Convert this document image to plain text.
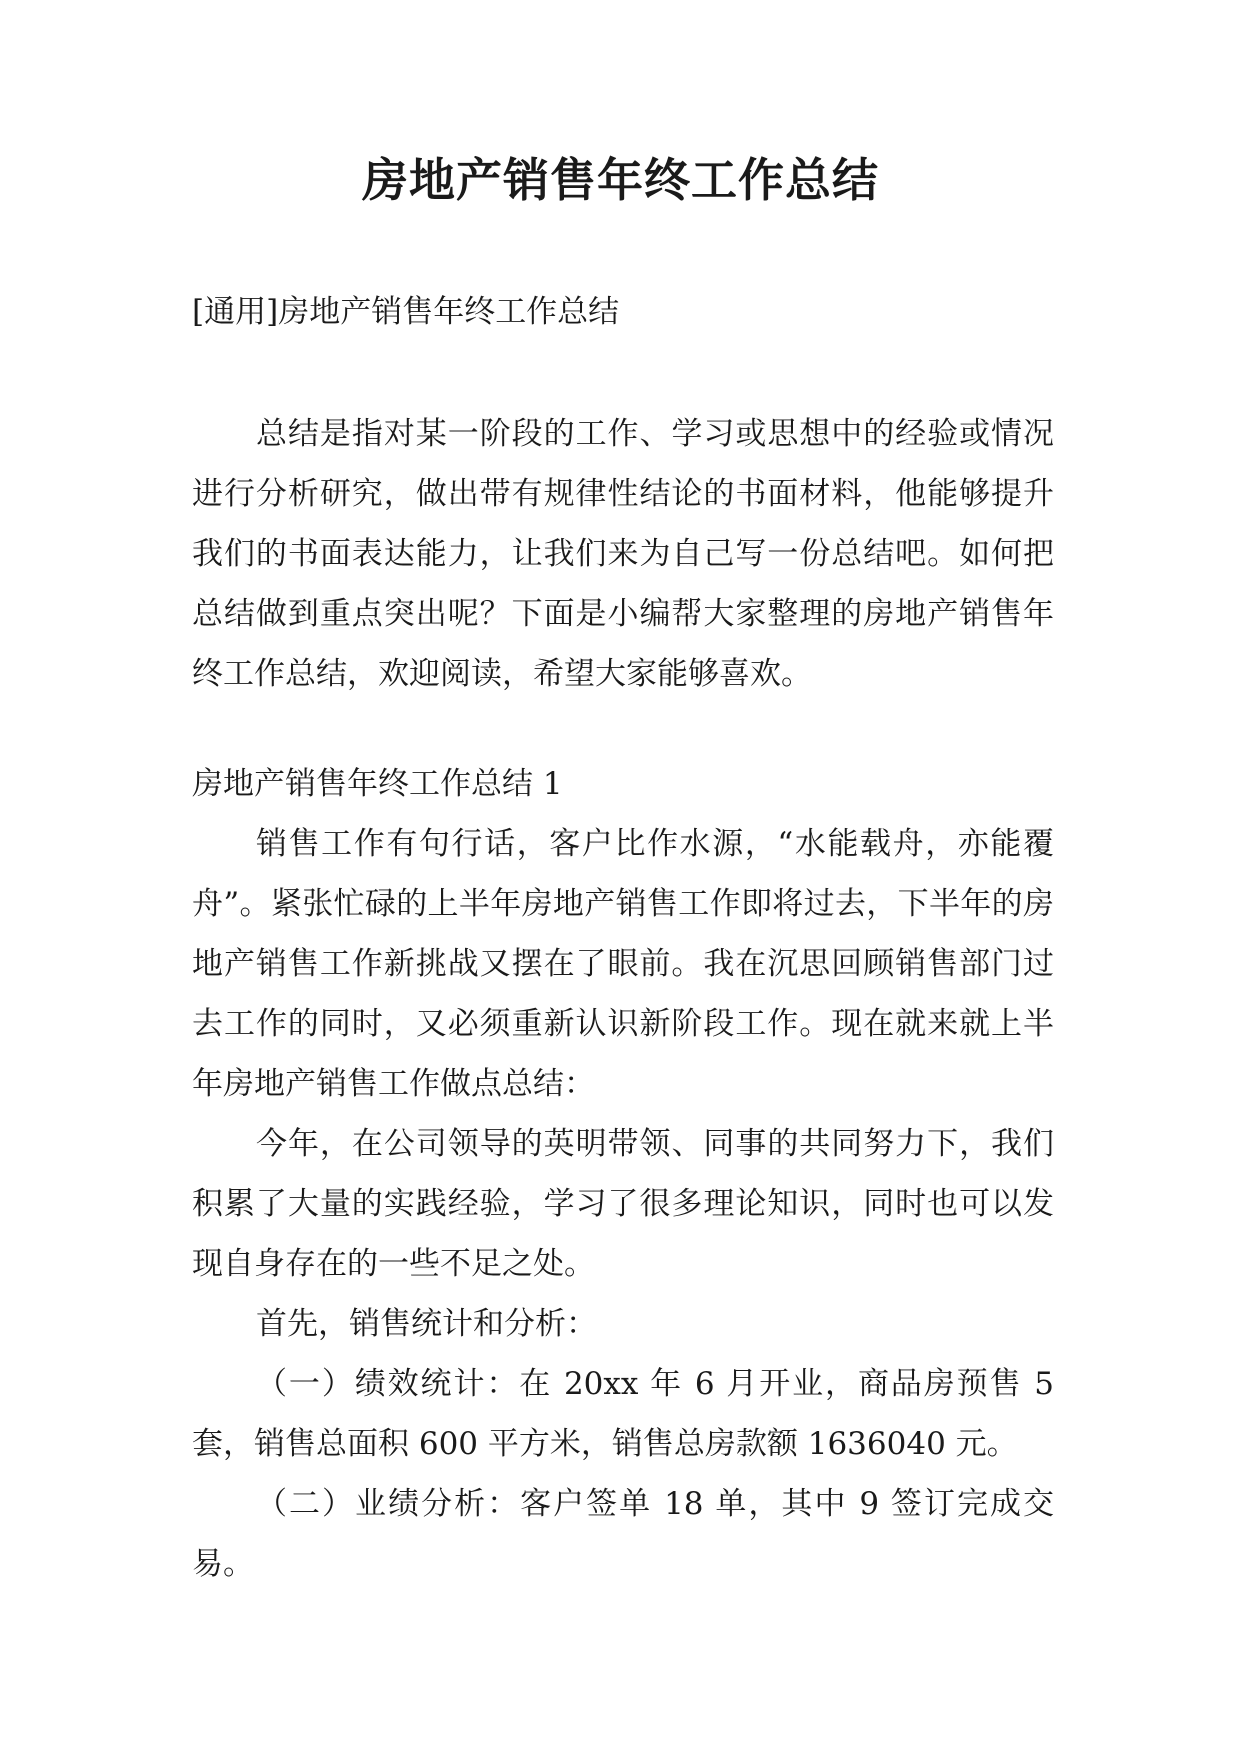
房地产销售年终工作总结
[通用]房地产销售年终工作总结
总结是指对某一阶段的工作、学习或思想中的经验或情况进行分析研究，做出带有规律性结论的书面材料，他能够提升我们的书面表达能力，让我们来为自己写一份总结吧。如何把总结做到重点突出呢？下面是小编帮大家整理的房地产销售年终工作总结，欢迎阅读，希望大家能够喜欢。
房地产销售年终工作总结 1

销售工作有句行话，客户比作水源，“水能载舟，亦能覆舟”。紧张忙碌的上半年房地产销售工作即将过去，下半年的房地产销售工作新挑战又摆在了眼前。我在沉思回顾销售部门过去工作的同时，又必须重新认识新阶段工作。现在就来就上半年房地产销售工作做点总结：

今年，在公司领导的英明带领、同事的共同努力下，我们积累了大量的实践经验，学习了很多理论知识，同时也可以发现自身存在的一些不足之处。

首先，销售统计和分析：

（一）绩效统计：在 20xx 年 6 月开业，商品房预售 5 套，销售总面积 600 平方米，销售总房款额 1636040 元。

（二）业绩分析：客户签单 18 单，其中 9 签订完成交易。
